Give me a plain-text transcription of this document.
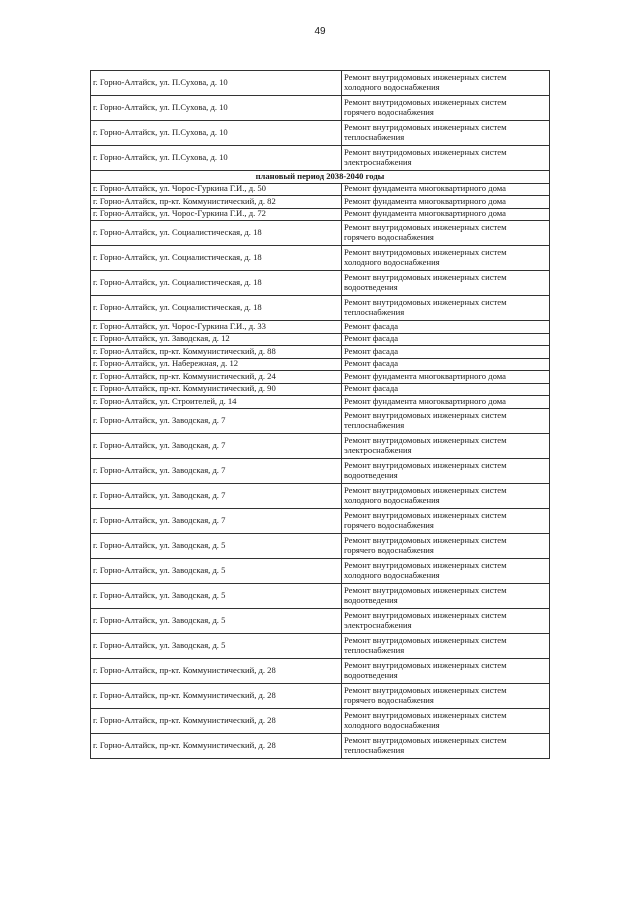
49
г. Горно-Алтайск, ул. П.Сухова, д. 10	Ремонт внутридомовых инженерных систем
холодного водоснабжения
г. Горно-Алтайск, ул. П.Сухова, д. 10	Ремонт внутридомовых инженерных систем
горячего водоснабжения
г. Горно-Алтайск, ул. П.Сухова, д. 10	Ремонт внутридомовых инженерных систем
теплоснабжения
г. Горно-Алтайск, ул. П.Сухова, д. 10	Ремонт внутридомовых инженерных систем
электроснабжения
плановый период 2038-2040 годы	
г. Горно-Алтайск, ул. Чорос-Гуркина Г.И., д. 50	Ремонт фундамента многоквартирного дома
г. Горно-Алтайск, пр-кт. Коммунистический, д. 82	Ремонт фундамента многоквартирного дома
г. Горно-Алтайск, ул. Чорос-Гуркина Г.И., д. 72	Ремонт фундамента многоквартирного дома
г. Горно-Алтайск, ул. Социалистическая, д. 18	Ремонт внутридомовых инженерных систем
горячего водоснабжения
г. Горно-Алтайск, ул. Социалистическая, д. 18	Ремонт внутридомовых инженерных систем
холодного водоснабжения
г. Горно-Алтайск, ул. Социалистическая, д. 18	Ремонт внутридомовых инженерных систем
водоотведения
г. Горно-Алтайск, ул. Социалистическая, д. 18	Ремонт внутридомовых инженерных систем
теплоснабжения
г. Горно-Алтайск, ул. Чорос-Гуркина Г.И., д. 33	Ремонт фасада
г. Горно-Алтайск, ул. Заводская, д. 12	Ремонт фасада
г. Горно-Алтайск, пр-кт. Коммунистический, д. 88	Ремонт фасада
г. Горно-Алтайск, ул. Набережная, д. 12	Ремонт фасада
г. Горно-Алтайск, пр-кт. Коммунистический, д. 24	Ремонт фундамента многоквартирного дома
г. Горно-Алтайск, пр-кт. Коммунистический, д. 90	Ремонт фасада
г. Горно-Алтайск, ул. Строителей, д. 14	Ремонт фундамента многоквартирного дома
г. Горно-Алтайск, ул. Заводская, д. 7	Ремонт внутридомовых инженерных систем
теплоснабжения
г. Горно-Алтайск, ул. Заводская, д. 7	Ремонт внутридомовых инженерных систем
электроснабжения
г. Горно-Алтайск, ул. Заводская, д. 7	Ремонт внутридомовых инженерных систем
водоотведения
г. Горно-Алтайск, ул. Заводская, д. 7	Ремонт внутридомовых инженерных систем
холодного водоснабжения
г. Горно-Алтайск, ул. Заводская, д. 7	Ремонт внутридомовых инженерных систем
горячего водоснабжения
г. Горно-Алтайск, ул. Заводская, д. 5	Ремонт внутридомовых инженерных систем
горячего водоснабжения
г. Горно-Алтайск, ул. Заводская, д. 5	Ремонт внутридомовых инженерных систем
холодного водоснабжения
г. Горно-Алтайск, ул. Заводская, д. 5	Ремонт внутридомовых инженерных систем
водоотведения
г. Горно-Алтайск, ул. Заводская, д. 5	Ремонт внутридомовых инженерных систем
электроснабжения
г. Горно-Алтайск, ул. Заводская, д. 5	Ремонт внутридомовых инженерных систем
теплоснабжения
г. Горно-Алтайск, пр-кт. Коммунистический, д. 28	Ремонт внутридомовых инженерных систем
водоотведения
г. Горно-Алтайск, пр-кт. Коммунистический, д. 28	Ремонт внутридомовых инженерных систем
горячего водоснабжения
г. Горно-Алтайск, пр-кт. Коммунистический, д. 28	Ремонт внутридомовых инженерных систем
холодного водоснабжения
г. Горно-Алтайск, пр-кт. Коммунистический, д. 28	Ремонт внутридомовых инженерных систем
теплоснабжения
